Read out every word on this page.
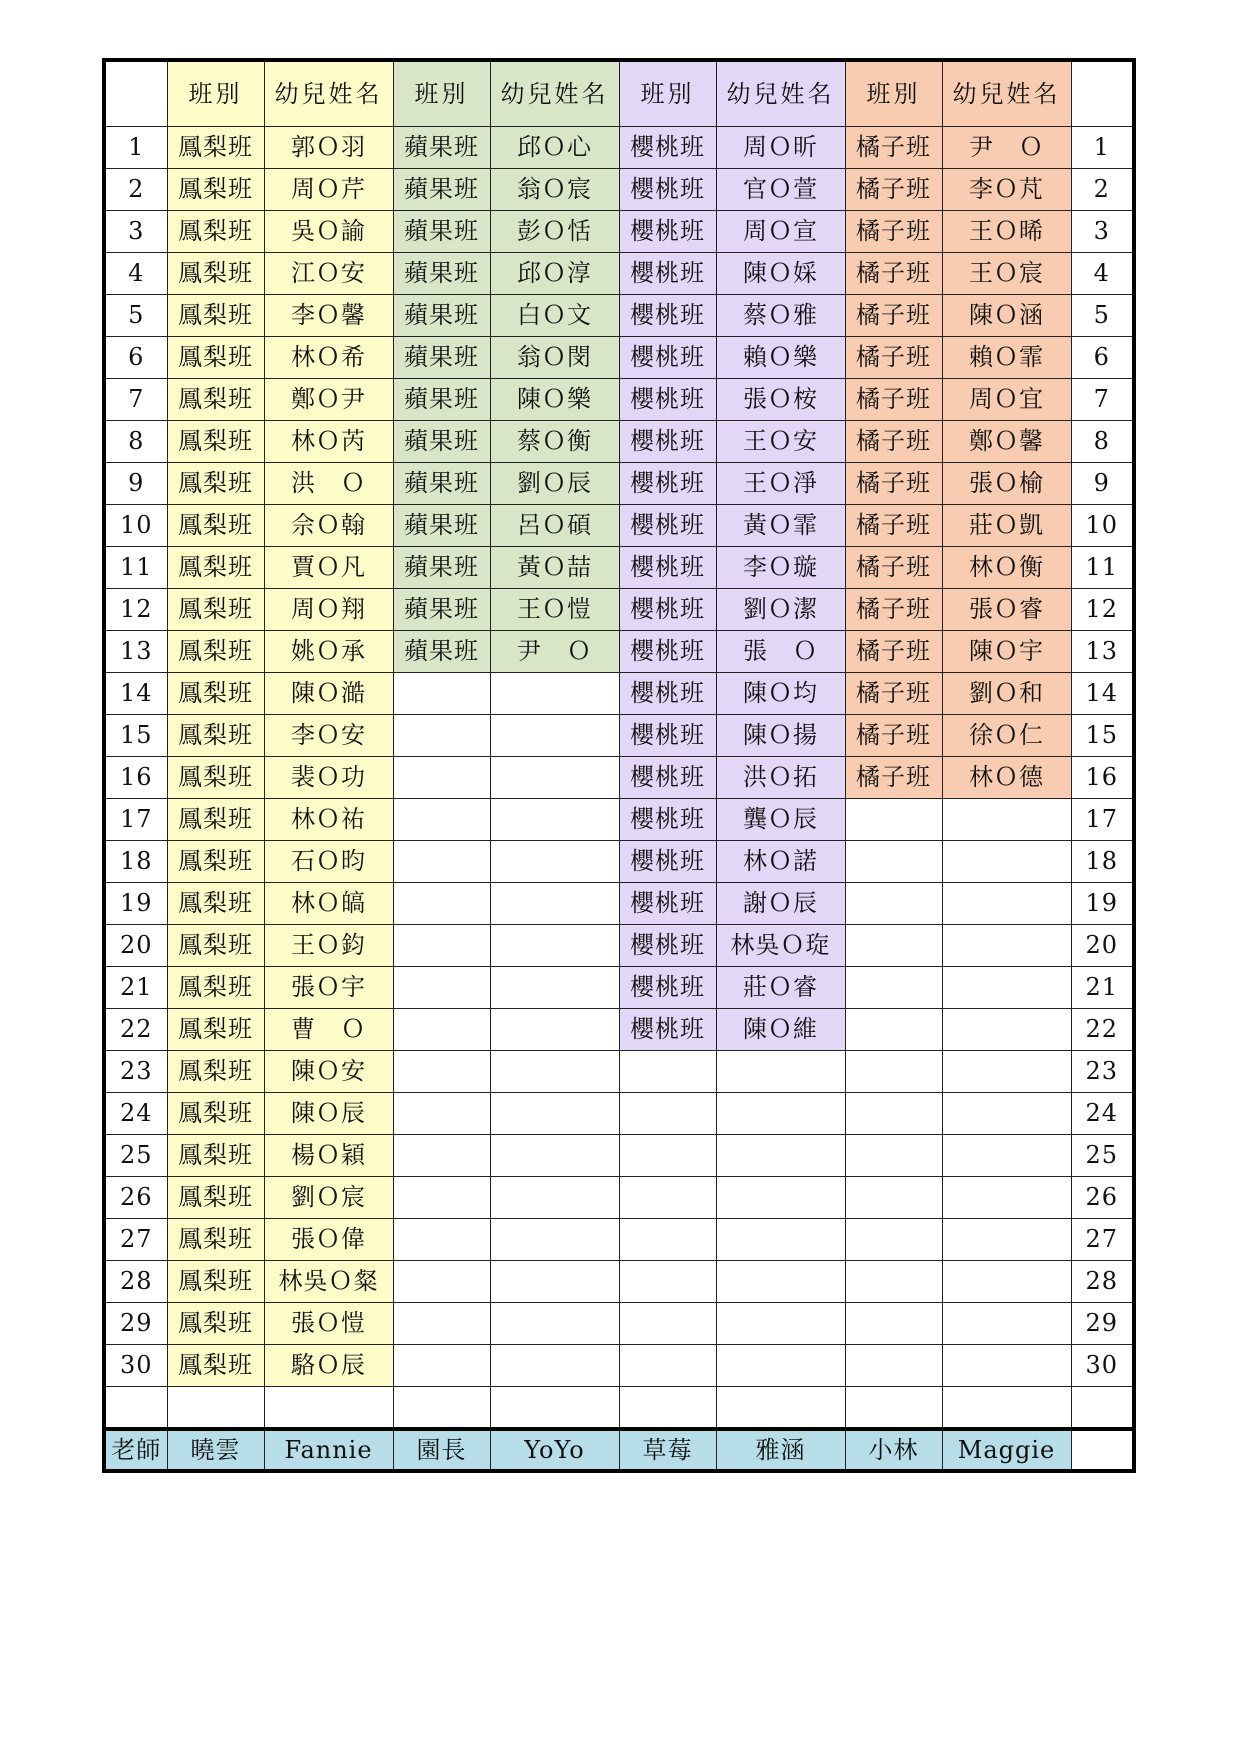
	班別	幼兒姓名	班別	幼兒姓名	班別	幼兒姓名	班別	幼兒姓名	
1	鳳梨班	郭Ｏ羽	蘋果班	邱Ｏ心	櫻桃班	周Ｏ昕	橘子班	尹　Ｏ	1
2	鳳梨班	周Ｏ芹	蘋果班	翁Ｏ宸	櫻桃班	官Ｏ萱	橘子班	李Ｏ芃	2
3	鳳梨班	吳Ｏ諭	蘋果班	彭Ｏ恬	櫻桃班	周Ｏ宣	橘子班	王Ｏ晞	3
4	鳳梨班	江Ｏ安	蘋果班	邱Ｏ淳	櫻桃班	陳Ｏ婇	橘子班	王Ｏ宸	4
5	鳳梨班	李Ｏ馨	蘋果班	白Ｏ文	櫻桃班	蔡Ｏ雅	橘子班	陳Ｏ涵	5
6	鳳梨班	林Ｏ希	蘋果班	翁Ｏ閔	櫻桃班	賴Ｏ樂	橘子班	賴Ｏ霏	6
7	鳳梨班	鄭Ｏ尹	蘋果班	陳Ｏ樂	櫻桃班	張Ｏ桉	橘子班	周Ｏ宜	7
8	鳳梨班	林Ｏ芮	蘋果班	蔡Ｏ衡	櫻桃班	王Ｏ安	橘子班	鄭Ｏ馨	8
9	鳳梨班	洪　Ｏ	蘋果班	劉Ｏ辰	櫻桃班	王Ｏ淨	橘子班	張Ｏ榆	9
10	鳳梨班	佘Ｏ翰	蘋果班	呂Ｏ碩	櫻桃班	黃Ｏ霏	橘子班	莊Ｏ凱	10
11	鳳梨班	賈Ｏ凡	蘋果班	黃Ｏ喆	櫻桃班	李Ｏ璇	橘子班	林Ｏ衡	11
12	鳳梨班	周Ｏ翔	蘋果班	王Ｏ愷	櫻桃班	劉Ｏ潔	橘子班	張Ｏ睿	12
13	鳳梨班	姚Ｏ承	蘋果班	尹　Ｏ	櫻桃班	張　Ｏ	橘子班	陳Ｏ宇	13
14	鳳梨班	陳Ｏ澔			櫻桃班	陳Ｏ均	橘子班	劉Ｏ和	14
15	鳳梨班	李Ｏ安			櫻桃班	陳Ｏ揚	橘子班	徐Ｏ仁	15
16	鳳梨班	裴Ｏ功			櫻桃班	洪Ｏ拓	橘子班	林Ｏ德	16
17	鳳梨班	林Ｏ祐			櫻桃班	龔Ｏ辰			17
18	鳳梨班	石Ｏ昀			櫻桃班	林Ｏ諾			18
19	鳳梨班	林Ｏ皜			櫻桃班	謝Ｏ辰			19
20	鳳梨班	王Ｏ鈞			櫻桃班	林吳Ｏ琁			20
21	鳳梨班	張Ｏ宇			櫻桃班	莊Ｏ睿			21
22	鳳梨班	曹　Ｏ			櫻桃班	陳Ｏ維			22
23	鳳梨班	陳Ｏ安							23
24	鳳梨班	陳Ｏ辰							24
25	鳳梨班	楊Ｏ穎							25
26	鳳梨班	劉Ｏ宸							26
27	鳳梨班	張Ｏ偉							27
28	鳳梨班	林吳Ｏ粲							28
29	鳳梨班	張Ｏ愷							29
30	鳳梨班	駱Ｏ辰							30

老師	曉雲	Fannie	園長	YoYo	草莓	雅涵	小林	Maggie	
